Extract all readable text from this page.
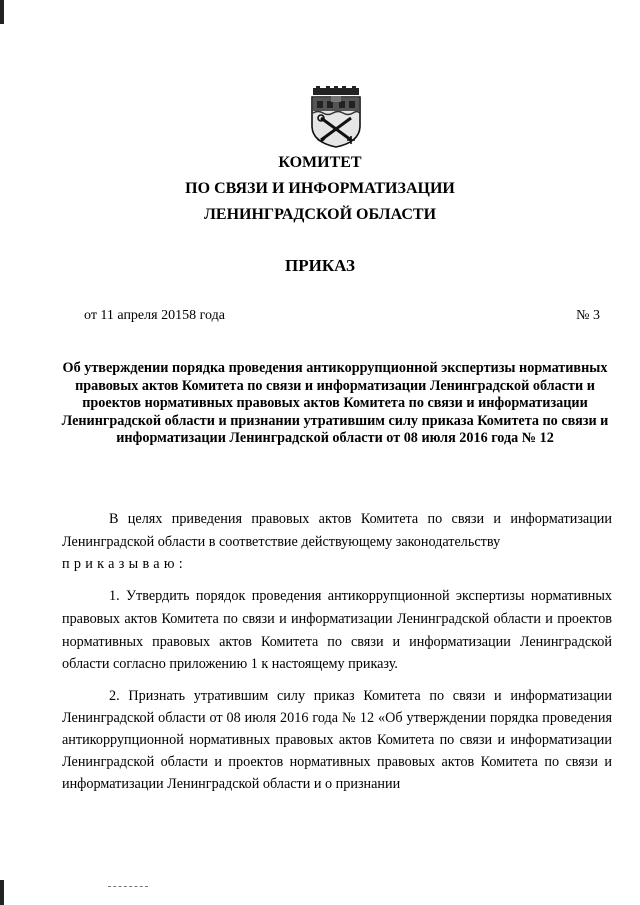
КОМИТЕТ
ПО СВЯЗИ И ИНФОРМАТИЗАЦИИ
ЛЕНИНГРАДСКОЙ ОБЛАСТИ
ПРИКАЗ
от 11 апреля 20158 года	№ 3
Об утверждении порядка проведения антикоррупционной экспертизы нормативных правовых актов Комитета по связи и информатизации Ленинградской области и проектов нормативных правовых актов Комитета по связи и информатизации Ленинградской области и признании утратившим силу приказа Комитета по связи и информатизации Ленинградской области от 08 июля 2016 года № 12

В целях приведения правовых актов Комитета по связи и информатизации Ленинградской области в соответствие действующему законодательству

приказываю:

1. Утвердить порядок проведения антикоррупционной экспертизы нормативных правовых актов Комитета по связи и информатизации Ленинградской области и проектов нормативных правовых актов Комитета по связи и информатизации Ленинградской области согласно приложению 1 к настоящему приказу.

2. Признать утратившим силу приказ Комитета по связи и информатизации Ленинградской области от 08 июля 2016 года № 12 «Об утверждении порядка проведения антикоррупционной нормативных правовых актов Комитета по связи и информатизации Ленинградской области и проектов нормативных правовых актов Комитета по связи и информатизации Ленинградской области и о признании
